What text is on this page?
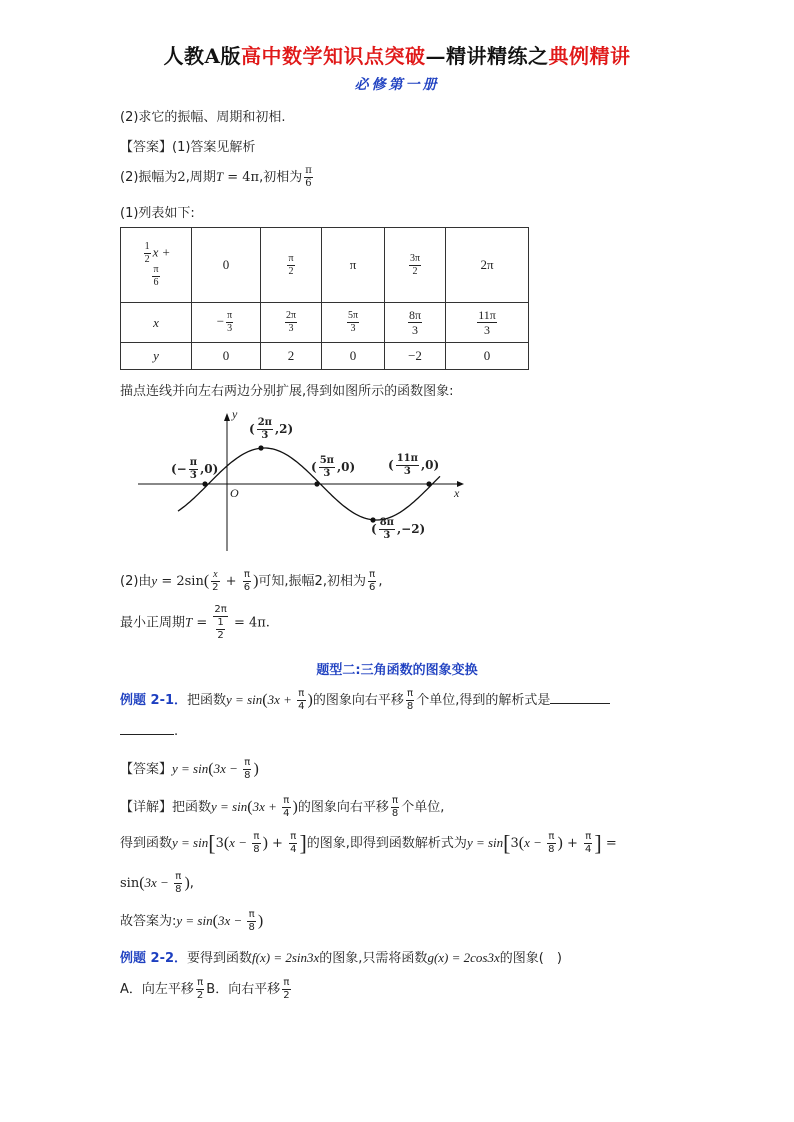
人教A版高中数学知识点突破—精讲精练之典例精讲
必修第一册
(2)求它的振幅、周期和初相.
【答案】(1)答案见解析
(2)振幅为2,周期T = 4π,初相为 $\frac{\pi}{6}$
(1)列表如下:
$\frac{1}{2}$ x +

$\frac{\pi}{6}$	0	$\frac{\pi}{2}$	π	$\frac{3\pi}{2}$	2π
x	− $\frac{\pi}{3}$	$\frac{2\pi}{3}$	$\frac{5\pi}{3}$	$\frac{8\pi}{3}$	$\frac{11\pi}{3}$

y	0	2	0	−2	0
描点连线并向左右两边分别扩展,得到如图所示的函数图象:
y
x
O
(− $\frac{\pi}{3} ,0$)
( $\frac{2\pi}{3} ,2$)
( $\frac{5\pi}{3} ,0$)	( $\frac{11\pi}{3} ,0$)
( $\frac{8\pi}{3} ,-2$)
(2)由$y = 2\sin( \frac{x}{2} + \frac{\pi}{6}$ )可知,振幅2,初相为 $\frac{\pi}{6}$ ,
最小正周期$T = \frac{2\pi}{\frac{1}{2}} = 4\pi$.
题型二:三角函数的图象变换
例题 2-1．把函数$y = \sin(3x + \frac{\pi}{4}$ )的图象向右平移 $\frac{\pi}{8}$ 个单位,得到的解析式是
.
【答案】$y = \sin(3x - \frac{\pi}{8}$ )
【详解】把函数$y = \sin(3x + \frac{\pi}{4}$ )的图象向右平移 $\frac{\pi}{8}$ 个单位,
得到函数$y = \sin[3(x - \frac{\pi}{8}$ ) + $\frac{\pi}{4}$ ]的图象,即得到函数解析式为$y = \sin[3(x - \frac{\pi}{8}$ ) + $\frac{\pi}{4}$ ] =
$\sin(3x - \frac{\pi}{8}$ ),
故答案为:y = $\sin(3x - \frac{\pi}{8}$ )
例题 2-2．要得到函数f(x) = 2sin3x的图象,只需将函数g(x) = 2cos3x的图象(　)
A．向左平移 $\frac{\pi}{2}$ B．向右平移 $\frac{\pi}{2}$
